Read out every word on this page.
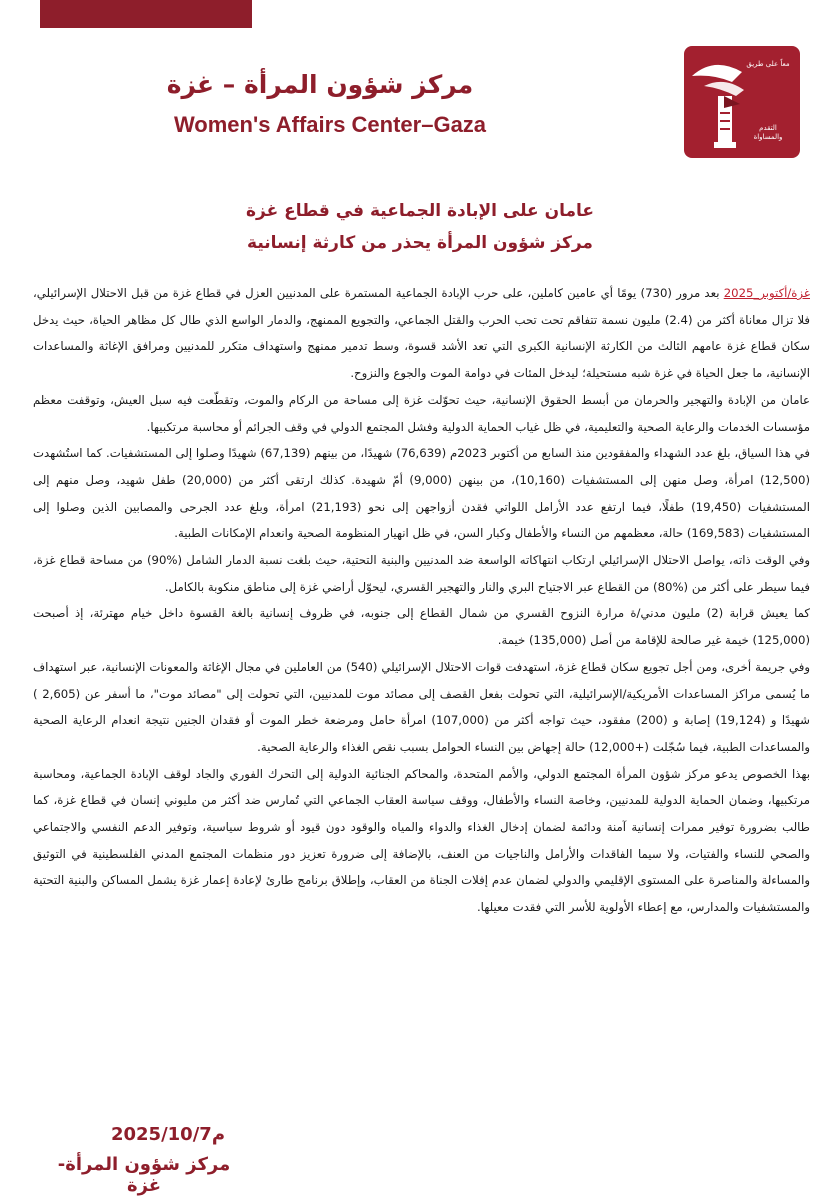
معاً على طريق
التقدم والمساواة
مركز شؤون المرأة – غزة
Women's Affairs Center–Gaza
عامان على الإبادة الجماعية في قطاع غزة
مركز شؤون المرأة يحذر من كارثة إنسانية

غزة/أكتوبر_2025 بعد مرور (730) يومًا أي عامين كاملين، على حرب الإبادة الجماعية المستمرة على المدنيين العزل في قطاع غزة من قبل الاحتلال الإسرائيلي، فلا تزال معاناة أكثر من (2.4) مليون نسمة تتفاقم تحت تحب الحرب والقتل الجماعي، والتجويع الممنهج، والدمار الواسع الذي طال كل مظاهر الحياة، حيث يدخل سكان قطاع غزة عامهم الثالث من الكارثة الإنسانية الكبرى التي تعد الأشد قسوة، وسط تدمير ممنهج واستهداف متكرر للمدنيين ومرافق الإغاثة والمساعدات الإنسانية، ما جعل الحياة في غزة شبه مستحيلة؛ ليدخل المئات في دوامة الموت والجوع والنزوح.

عامان من الإبادة والتهجير والحرمان من أبسط الحقوق الإنسانية، حيث تحوّلت غزة إلى مساحة من الركام والموت، وتقطّعت فيه سبل العيش، وتوقفت معظم مؤسسات الخدمات والرعاية الصحية والتعليمية، في ظل غياب الحماية الدولية وفشل المجتمع الدولي في وقف الجرائم أو محاسبة مرتكبيها.

في هذا السياق، بلغ عدد الشهداء والمفقودين منذ السابع من أكتوبر 2023م (76,639) شهيدًا، من بينهم (67,139) شهيدًا وصلوا إلى المستشفيات. كما استُشهدت (12,500) امرأة، وصل منهن إلى المستشفيات (10,160)، من بينهن (9,000) أمّ شهيدة. كذلك ارتقى أكثر من (20,000) طفل شهيد، وصل منهم إلى المستشفيات (19,450) طفلًا، فيما ارتفع عدد الأرامل اللواتي فقدن أزواجهن إلى نحو (21,193) امرأة، وبلغ عدد الجرحى والمصابين الذين وصلوا إلى المستشفيات (169,583) حالة، معظمهم من النساء والأطفال وكبار السن، في ظل انهيار المنظومة الصحية وانعدام الإمكانات الطبية.

وفي الوقت ذاته، يواصل الاحتلال الإسرائيلي ارتكاب انتهاكاته الواسعة ضد المدنيين والبنية التحتية، حيث بلغت نسبة الدمار الشامل (%90) من مساحة قطاع غزة، فيما سيطر على أكثر من (%80) من القطاع عبر الاجتياح البري والنار والتهجير القسري، ليحوّل أراضي غزة إلى مناطق منكوبة بالكامل.

كما يعيش قرابة (2) مليون مدني/ة مرارة النزوح القسري من شمال القطاع إلى جنوبه، في ظروف إنسانية بالغة القسوة داخل خيام مهترئة، إذ أصبحت (125,000) خيمة غير صالحة للإقامة من أصل (135,000) خيمة.

وفي جريمة أخرى، ومن أجل تجويع سكان قطاع غزة، استهدفت قوات الاحتلال الإسرائيلي (540) من العاملين في مجال الإغاثة والمعونات الإنسانية، عبر استهداف ما يُسمى مراكز المساعدات الأمريكية/الإسرائيلية، التي تحولت بفعل القصف إلى مصائد موت للمدنيين، التي تحولت إلى "مصائد موت"، ما أسفر عن (2,605 ) شهيدًا و (19,124) إصابة و (200) مفقود، حيث تواجه أكثر من (107,000) امرأة حامل ومرضعة خطر الموت أو فقدان الجنين نتيجة انعدام الرعاية الصحية والمساعدات الطبية، فيما سُجّلت (+12,000) حالة إجهاض بين النساء الحوامل بسبب نقص الغذاء والرعاية الصحية.

بهذا الخصوص يدعو مركز شؤون المرأة المجتمع الدولي، والأمم المتحدة، والمحاكم الجنائية الدولية إلى التحرك الفوري والجاد لوقف الإبادة الجماعية، ومحاسبة مرتكبيها، وضمان الحماية الدولية للمدنيين، وخاصة النساء والأطفال، ووقف سياسة العقاب الجماعي التي تُمارس ضد أكثر من مليوني إنسان في قطاع غزة، كما طالب بضرورة توفير ممرات إنسانية آمنة ودائمة لضمان إدخال الغذاء والدواء والمياه والوقود دون قيود أو شروط سياسية، وتوفير الدعم النفسي والاجتماعي والصحي للنساء والفتيات، ولا سيما الفاقدات والأرامل والناجيات من العنف، بالإضافة إلى ضرورة تعزيز دور منظمات المجتمع المدني الفلسطينية في التوثيق والمساءلة والمناصرة على المستوى الإقليمي والدولي لضمان عدم إفلات الجناة من العقاب، وإطلاق برنامج طارئ لإعادة إعمار غزة يشمل المساكن والبنية التحتية والمستشفيات والمدارس، مع إعطاء الأولوية للأسر التي فقدت معيلها.

2025/10/7م
مركز شؤون المرأة- غزة
